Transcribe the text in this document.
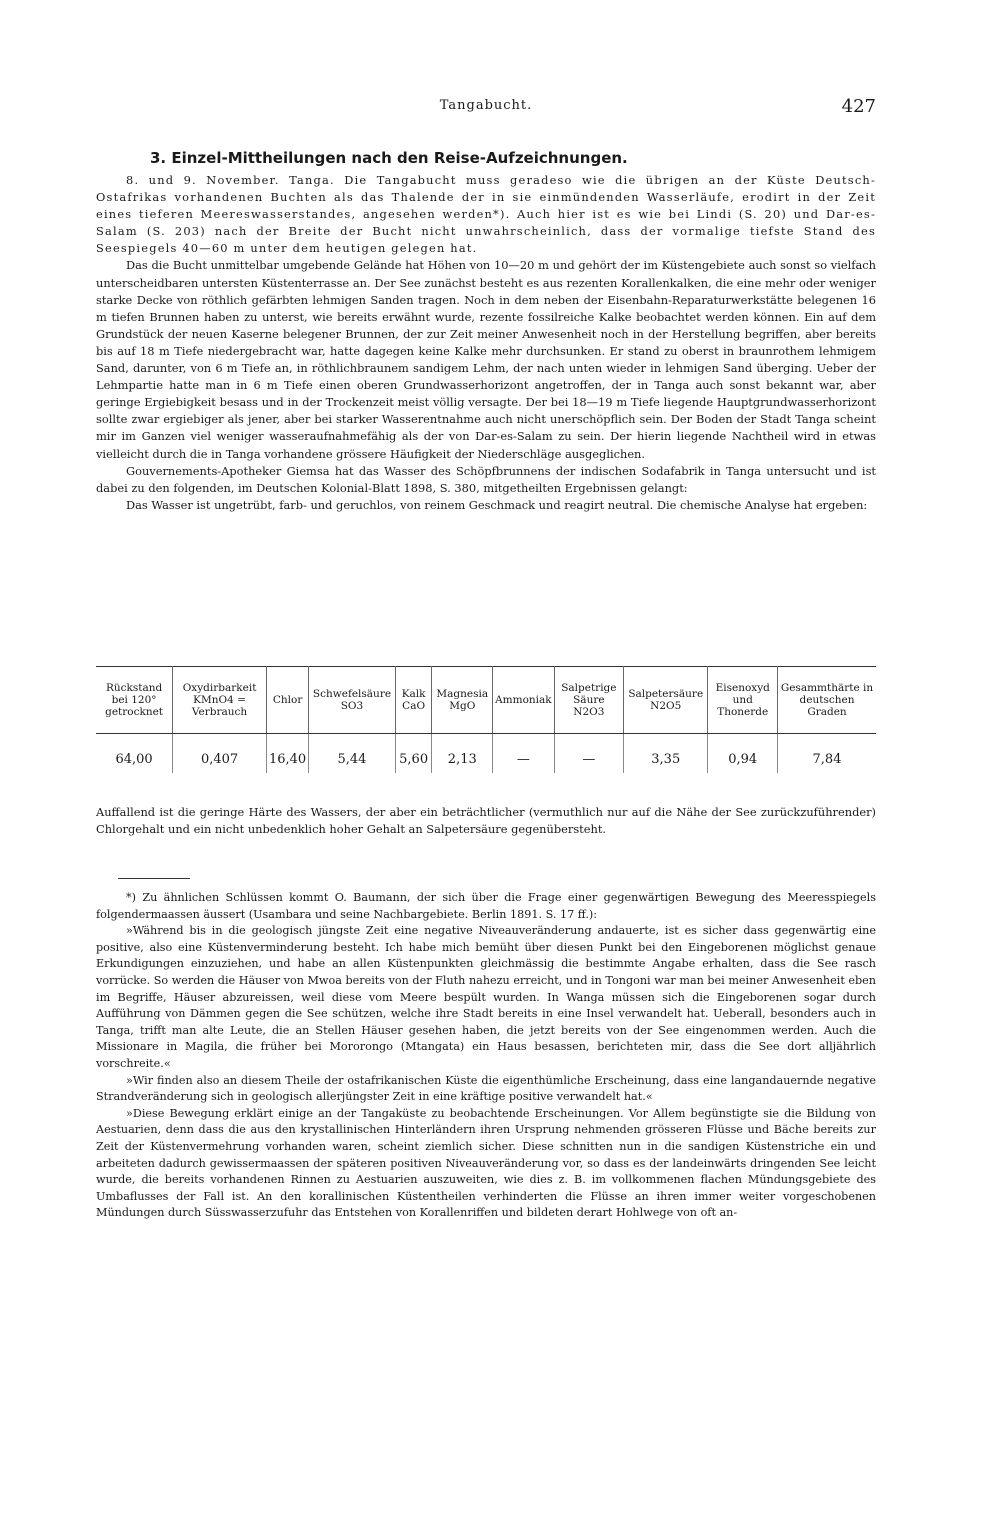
Tangabucht.	427
3. Einzel-Mittheilungen nach den Reise-Aufzeichnungen.

8. und 9. November. Tanga. Die Tangabucht muss geradeso wie die übrigen an der Küste Deutsch-Ostafrikas vorhandenen Buchten als das Thalende der in sie einmündenden Wasserläufe, erodirt in der Zeit eines tieferen Meereswasserstandes, angesehen werden*). Auch hier ist es wie bei Lindi (S. 20) und Dar-es-Salam (S. 203) nach der Breite der Bucht nicht unwahrscheinlich, dass der vormalige tiefste Stand des Seespiegels 40—60 m unter dem heutigen gelegen hat.

Das die Bucht unmittelbar umgebende Gelände hat Höhen von 10—20 m und gehört der im Küstengebiete auch sonst so vielfach unterscheidbaren untersten Küstenterrasse an. Der See zunächst besteht es aus rezenten Korallenkalken, die eine mehr oder weniger starke Decke von röthlich gefärbten lehmigen Sanden tragen. Noch in dem neben der Eisenbahn-Reparaturwerkstätte belegenen 16 m tiefen Brunnen haben zu unterst, wie bereits erwähnt wurde, rezente fossilreiche Kalke beobachtet werden können. Ein auf dem Grundstück der neuen Kaserne belegener Brunnen, der zur Zeit meiner Anwesenheit noch in der Herstellung begriffen, aber bereits bis auf 18 m Tiefe niedergebracht war, hatte dagegen keine Kalke mehr durchsunken. Er stand zu oberst in braunrothem lehmigem Sand, darunter, von 6 m Tiefe an, in röthlichbraunem sandigem Lehm, der nach unten wieder in lehmigen Sand überging. Ueber der Lehmpartie hatte man in 6 m Tiefe einen oberen Grundwasserhorizont angetroffen, der in Tanga auch sonst bekannt war, aber geringe Ergiebigkeit besass und in der Trockenzeit meist völlig versagte. Der bei 18—19 m Tiefe liegende Hauptgrundwasserhorizont sollte zwar ergiebiger als jener, aber bei starker Wasserentnahme auch nicht unerschöpflich sein. Der Boden der Stadt Tanga scheint mir im Ganzen viel weniger wasseraufnahmefähig als der von Dar-es-Salam zu sein. Der hierin liegende Nachtheil wird in etwas vielleicht durch die in Tanga vorhandene grössere Häufigkeit der Niederschläge ausgeglichen.

Gouvernements-Apotheker Giemsa hat das Wasser des Schöpfbrunnens der indischen Sodafabrik in Tanga untersucht und ist dabei zu den folgenden, im Deutschen Kolonial-Blatt 1898, S. 380, mitgetheilten Ergebnissen gelangt:

Das Wasser ist ungetrübt, farb- und geruchlos, von reinem Geschmack und reagirt neutral. Die chemische Analyse hat ergeben:

Rückstand bei 120° getrocknet	Oxydirbarkeit KMnO4 = Verbrauch	Chlor	Schwefelsäure SO3	Kalk CaO	Magnesia MgO	Ammoniak	Salpetrige Säure N2O3	Salpetersäure N2O5	Eisenoxyd und Thonerde	Gesammthärte in deutschen Graden
64,00	0,407	16,40	5,44	5,60	2,13	—	—	3,35	0,94	7,84

Auffallend ist die geringe Härte des Wassers, der aber ein beträchtlicher (vermuthlich nur auf die Nähe der See zurückzuführender) Chlorgehalt und ein nicht unbedenklich hoher Gehalt an Salpetersäure gegenübersteht.

*) Zu ähnlichen Schlüssen kommt O. Baumann, der sich über die Frage einer gegenwärtigen Bewegung des Meeresspiegels folgendermaassen äussert (Usambara und seine Nachbargebiete. Berlin 1891. S. 17 ff.):

»Während bis in die geologisch jüngste Zeit eine negative Niveauveränderung andauerte, ist es sicher dass gegenwärtig eine positive, also eine Küstenverminderung besteht. Ich habe mich bemüht über diesen Punkt bei den Eingeborenen möglichst genaue Erkundigungen einzuziehen, und habe an allen Küstenpunkten gleichmässig die bestimmte Angabe erhalten, dass die See rasch vorrücke. So werden die Häuser von Mwoa bereits von der Fluth nahezu erreicht, und in Tongoni war man bei meiner Anwesenheit eben im Begriffe, Häuser abzureissen, weil diese vom Meere bespült wurden. In Wanga müssen sich die Eingeborenen sogar durch Aufführung von Dämmen gegen die See schützen, welche ihre Stadt bereits in eine Insel verwandelt hat. Ueberall, besonders auch in Tanga, trifft man alte Leute, die an Stellen Häuser gesehen haben, die jetzt bereits von der See eingenommen werden. Auch die Missionare in Magila, die früher bei Mororongo (Mtangata) ein Haus besassen, berichteten mir, dass die See dort alljährlich vorschreite.«

»Wir finden also an diesem Theile der ostafrikanischen Küste die eigenthümliche Erscheinung, dass eine langandauernde negative Strandveränderung sich in geologisch allerjüngster Zeit in eine kräftige positive verwandelt hat.«

»Diese Bewegung erklärt einige an der Tangaküste zu beobachtende Erscheinungen. Vor Allem begünstigte sie die Bildung von Aestuarien, denn dass die aus den krystallinischen Hinterländern ihren Ursprung nehmenden grösseren Flüsse und Bäche bereits zur Zeit der Küstenvermehrung vorhanden waren, scheint ziemlich sicher. Diese schnitten nun in die sandigen Küstenstriche ein und arbeiteten dadurch gewissermaassen der späteren positiven Niveauveränderung vor, so dass es der landeinwärts dringenden See leicht wurde, die bereits vorhandenen Rinnen zu Aestuarien auszuweiten, wie dies z. B. im vollkommenen flachen Mündungsgebiete des Umbaflusses der Fall ist. An den korallinischen Küstentheilen verhinderten die Flüsse an ihren immer weiter vorgeschobenen Mündungen durch Süsswasserzufuhr das Entstehen von Korallenriffen und bildeten derart Hohlwege von oft an-
